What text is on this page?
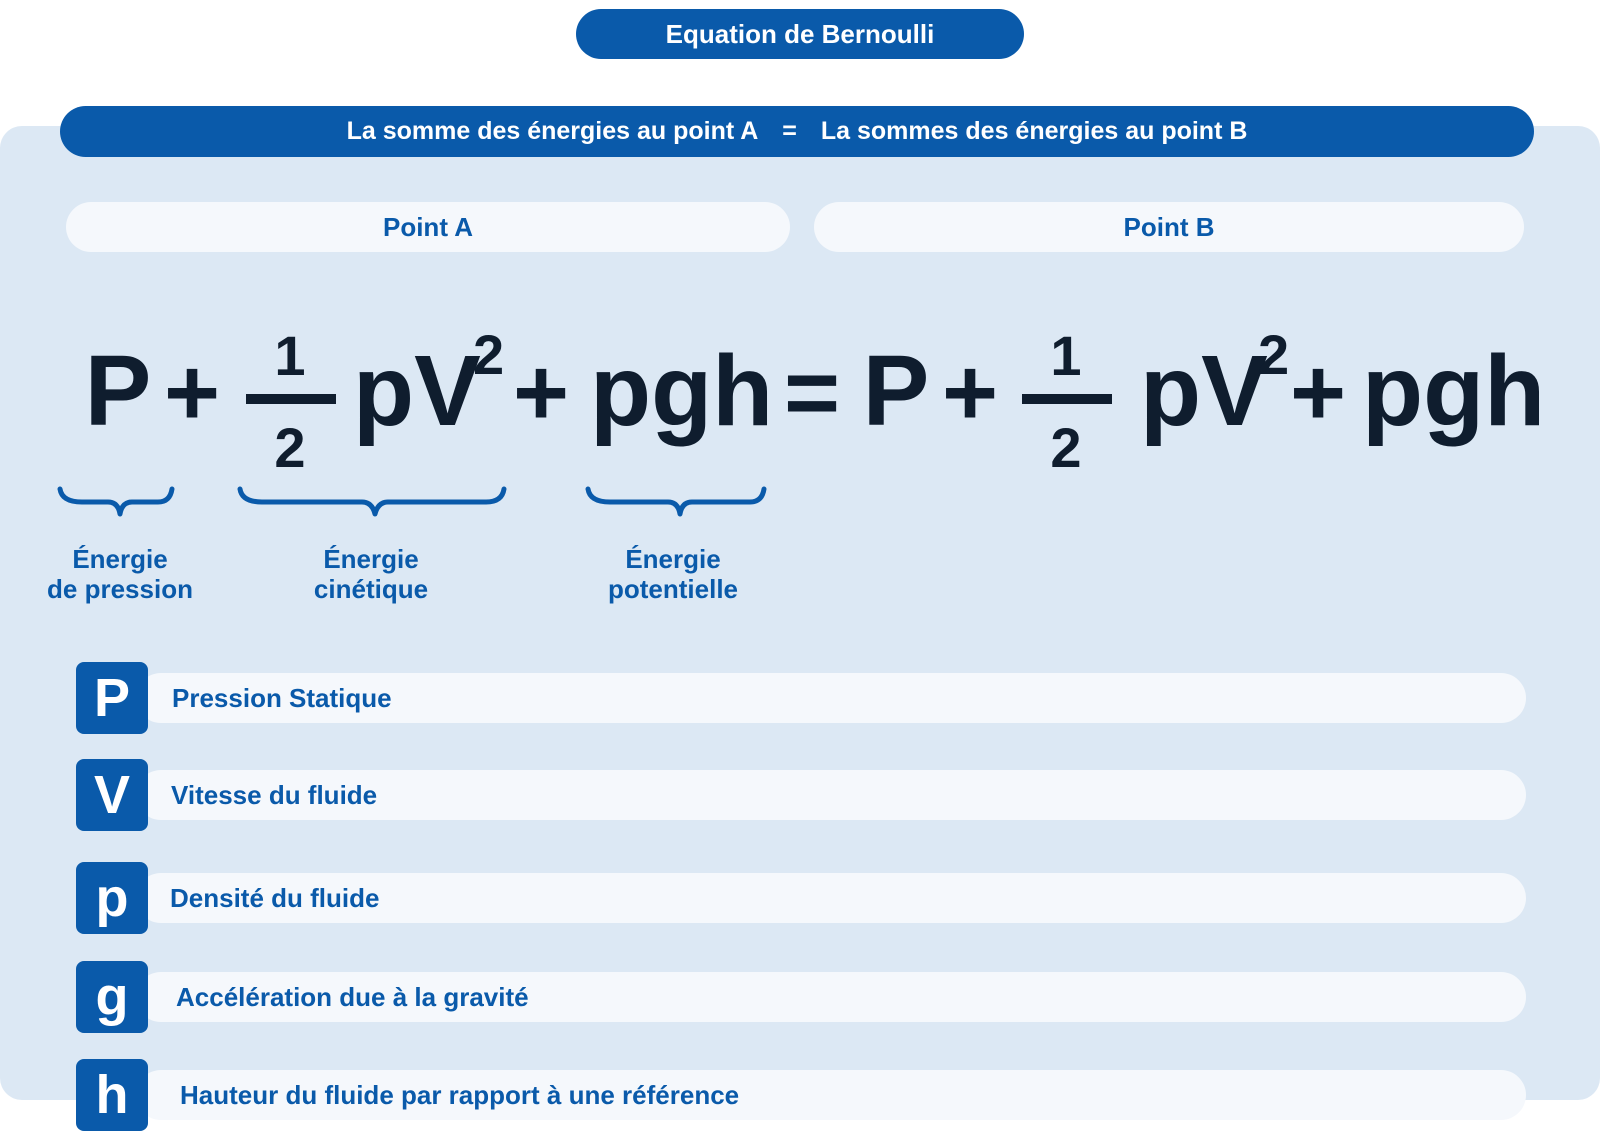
Equation de Bernoulli
La somme des énergies au point A = La sommes des énergies au point B
Point A	Point B
P + 1
2
pV
2 + pgh = P + 1
2
pV
2 + pgh
Énergie
de pression
Énergie
cinétique
Énergie
potentielle
P	Pression Statique
V	Vitesse du fluide
p	Densité du fluide
g	Accélération due à la gravité
h	Hauteur du fluide par rapport à une référence
